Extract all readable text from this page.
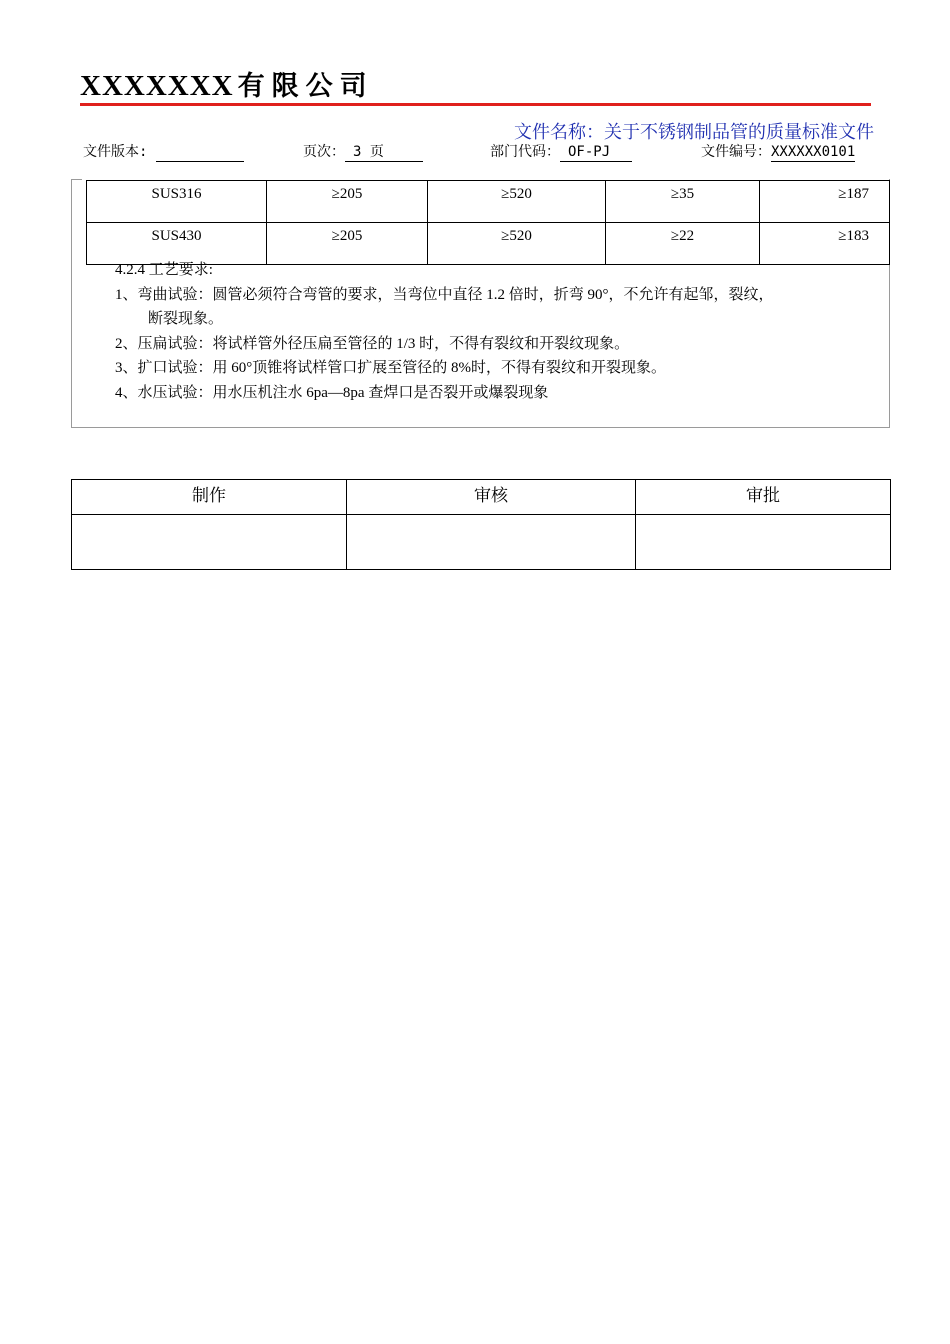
XXXXXXX 有限公司
文件名称：关于不锈钢制品管的质量标准文件
文件版本:	页次： 3 页	部门代码： OF-PJ	文件编号：XXXXXX0101
SUS316	≥205	≥520	≥35	≥187
SUS430	≥205	≥520	≥22	≥183

4.2.4 工艺要求:

1、弯曲试验：圆管必须符合弯管的要求，当弯位中直径 1.2 倍时，折弯 90°，不允许有起邹，裂纹，

断裂现象。

2、压扁试验：将试样管外径压扁至管径的 1/3 时，不得有裂纹和开裂纹现象。

3、扩口试验：用 60°顶锥将试样管口扩展至管径的 8%时，不得有裂纹和开裂现象。

4、水压试验：用水压机注水 6pa—8pa 查焊口是否裂开或爆裂现象

制作	审核	审批
